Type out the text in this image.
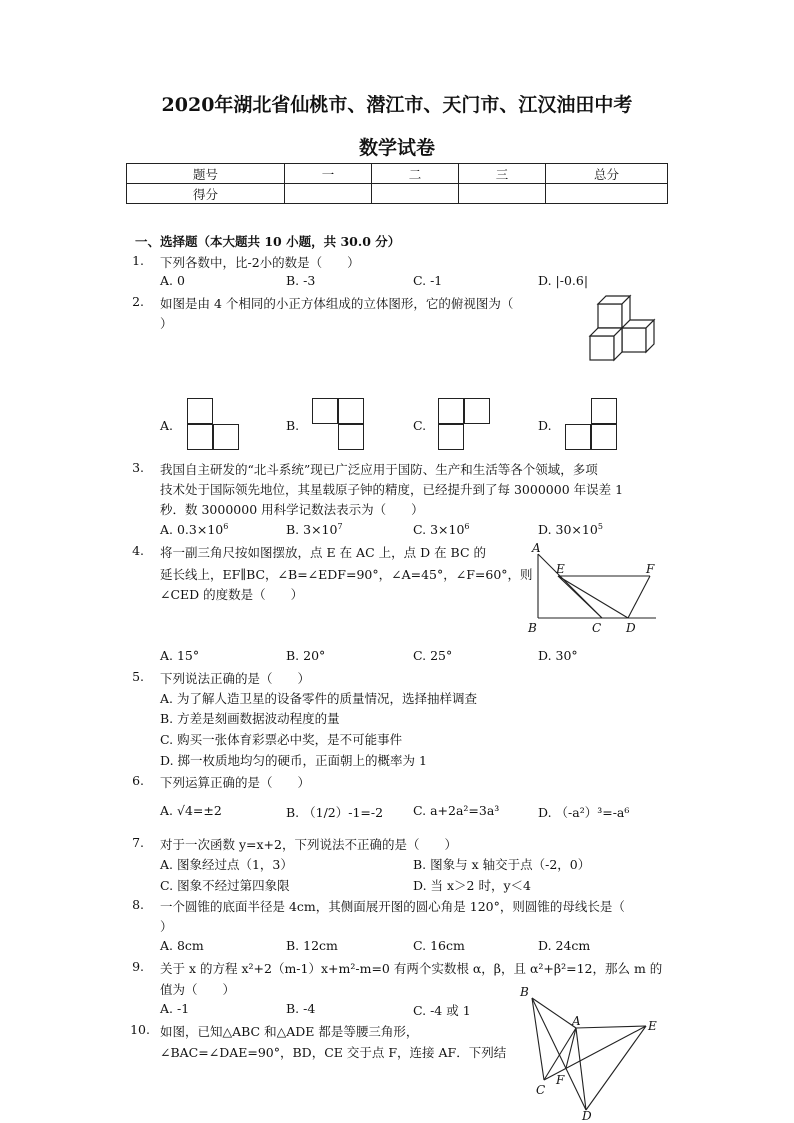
2020年湖北省仙桃市、潜江市、天门市、江汉油田中考
数学试卷
题号	一	二	三	总分
得分				
一、选择题（本大题共 10 小题，共 30.0 分）
1. 下列各数中，比-2小的数是（　　）
A. 0	B. -3	C. -1	D. |-0.6|
2. 如图是由 4 个相同的小正方体组成的立体图形，它的俯视图为（
）
A.	B.	C.	D.
3. 我国自主研发的“北斗系统”现已广泛应用于国防、生产和生活等各个领域，多项
技术处于国际领先地位，其星载原子钟的精度，已经提升到了每 3000000 年误差 1
秒．数 3000000 用科学记数法表示为（　　）
A. $0.3\times 10^6$	B. $3\times 10^7$	C. $3\times 10^6$	D. $30\times 10^5$
4. 将一副三角尺按如图摆放，点 E 在 AC 上，点 D 在 BC 的
延长线上，EF∥BC，∠B=∠EDF=90°，∠A=45°，∠F=60°，则
∠CED 的度数是（　　）
A
E	F
B	C D
A. 15°	B. 20°	C. 25°	D. 30°
5. 下列说法正确的是（　　）
A. 为了解人造卫星的设备零件的质量情况，选择抽样调查
B. 方差是刻画数据波动程度的量
C. 购买一张体育彩票必中奖，是不可能事件
D. 掷一枚质地均匀的硬币，正面朝上的概率为 1
6. 下列运算正确的是（　　）
A. √4=±2	B. （1/2）-1=-2 C. a+2a²=3a³	D. （-a²）³=-a⁶
7. 对于一次函数 y=x+2，下列说法不正确的是（　　）
A. 图象经过点（1，3）	B. 图象与 x 轴交于点（-2，0）
C. 图象不经过第四象限	D. 当 x＞2 时，y＜4
8. 一个圆锥的底面半径是 4cm，其侧面展开图的圆心角是 120°，则圆锥的母线长是（
）
A. 8cm	B. 12cm	C. 16cm	D. 24cm
9. 关于 x 的方程 x²+2（m-1）x+m²-m=0 有两个实数根 α，β，且 α²+β²=12，那么 m 的
值为（　　）
A. -1	B. -4	C. -4 或 1
10. 如图，已知△ABC 和△ADE 都是等腰三角形，
∠BAC=∠DAE=90°，BD，CE 交于点 F，连接 AF．下列结
B
A	E
C
F
D
